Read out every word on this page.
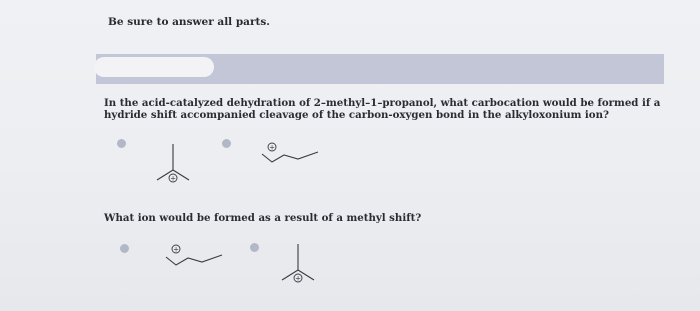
Be sure to answer all parts.
In the acid-catalyzed dehydration of 2–methyl–1–propanol, what carbocation would be formed if a hydride shift accompanied cleavage of the carbon-oxygen bond in the alkyloxonium ion?
+
+
What ion would be formed as a result of a methyl shift?
+
+
